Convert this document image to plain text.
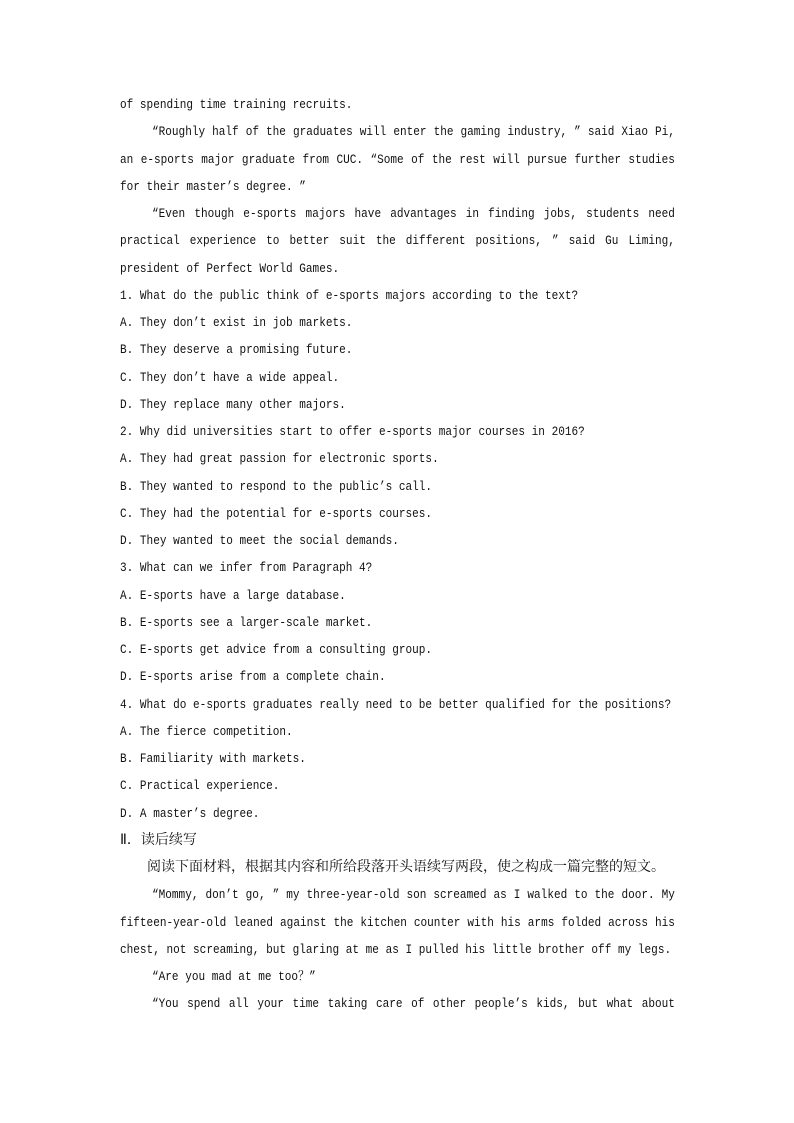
of spending time training recruits.
“Roughly half of the graduates will enter the gaming industry, ” said Xiao Pi,
an e-sports major graduate from CUC. “Some of the rest will pursue further studies
for their master’s degree. ”
“Even though e-sports majors have advantages in finding jobs, students need
practical experience to better suit the different positions, ” said Gu Liming,
president of Perfect World Games.
1. What do the public think of e-sports majors according to the text?
A. They don’t exist in job markets.
B. They deserve a promising future.
C. They don’t have a wide appeal.
D. They replace many other majors.
2. Why did universities start to offer e-sports major courses in 2016?
A. They had great passion for electronic sports.
B. They wanted to respond to the public’s call.
C. They had the potential for e-sports courses.
D. They wanted to meet the social demands.
3. What can we infer from Paragraph 4?
A. E-sports have a large database.
B. E-sports see a larger-scale market.
C. E-sports get advice from a consulting group.
D. E-sports arise from a complete chain.
4. What do e-sports graduates really need to be better qualified for the positions?
A. The fierce competition.
B. Familiarity with markets.
C. Practical experience.
D. A master’s degree.
Ⅱ．读后续写
阅读下面材料，根据其内容和所给段落开头语续写两段，使之构成一篇完整的短文。
“Mommy, don’t go, ” my three-year-old son screamed as I walked to the door. My
fifteen-year-old leaned against the kitchen counter with his arms folded across his
chest, not screaming, but glaring at me as I pulled his little brother off my legs.
“Are you mad at me too？”
“You spend all your time taking care of other people’s kids, but what about
